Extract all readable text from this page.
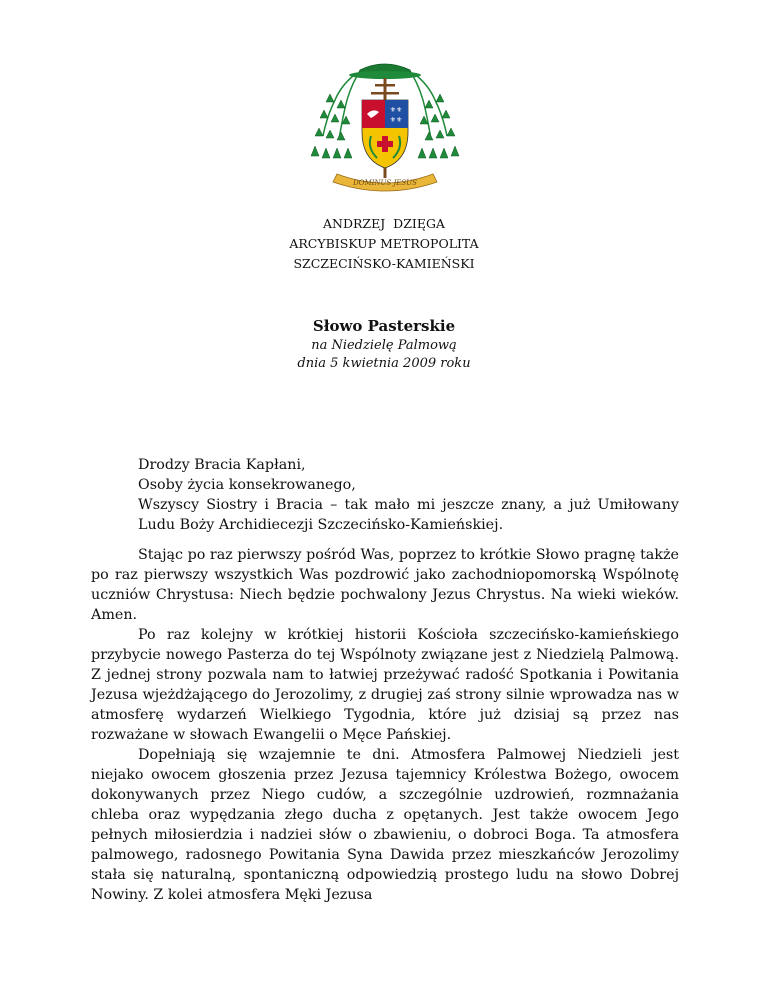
⚜⚜
⚜⚜
DOMINUS JESUS
ANDRZEJ  DZIĘGA
ARCYBISKUP METROPOLITA
SZCZECIŃSKO-KAMIEŃSKI
Słowo Pasterskie
na Niedzielę Palmową
dnia 5 kwietnia 2009 roku
Drodzy Bracia Kapłani,
Osoby życia konsekrowanego,
Wszyscy Siostry i Bracia – tak mało mi jeszcze znany, a już Umiłowany Ludu Boży Archidiecezji Szczecińsko-Kamieńskiej.

Stając po raz pierwszy pośród Was, poprzez to krótkie Słowo pragnę także po raz pierwszy wszystkich Was pozdrowić jako zachodniopomorską Wspólnotę uczniów Chrystusa: Niech będzie pochwalony Jezus Chrystus. Na wieki wieków. Amen.

Po raz kolejny w krótkiej historii Kościoła szczecińsko-kamieńskiego przybycie nowego Pasterza do tej Wspólnoty związane jest z Niedzielą Palmową. Z jednej strony pozwala nam to łatwiej przeżywać radość Spotkania i Powitania Jezusa wjeżdżającego do Jerozolimy, z drugiej zaś strony silnie wprowadza nas w atmosferę wydarzeń Wielkiego Tygodnia, które już dzisiaj są przez nas rozważane w słowach Ewangelii o Męce Pańskiej.

Dopełniają się wzajemnie te dni. Atmosfera Palmowej Niedzieli jest niejako owocem głoszenia przez Jezusa tajemnicy Królestwa Bożego, owocem dokonywanych przez Niego cudów, a szczególnie uzdrowień, rozmnażania chleba oraz wypędzania złego ducha z opętanych. Jest także owocem Jego pełnych miłosierdzia i nadziei słów o zbawieniu, o dobroci Boga. Ta atmosfera palmowego, radosnego Powitania Syna Dawida przez mieszkańców Jerozolimy stała się naturalną, spontaniczną odpowiedzią prostego ludu na słowo Dobrej Nowiny. Z kolei atmosfera Męki Jezusa
